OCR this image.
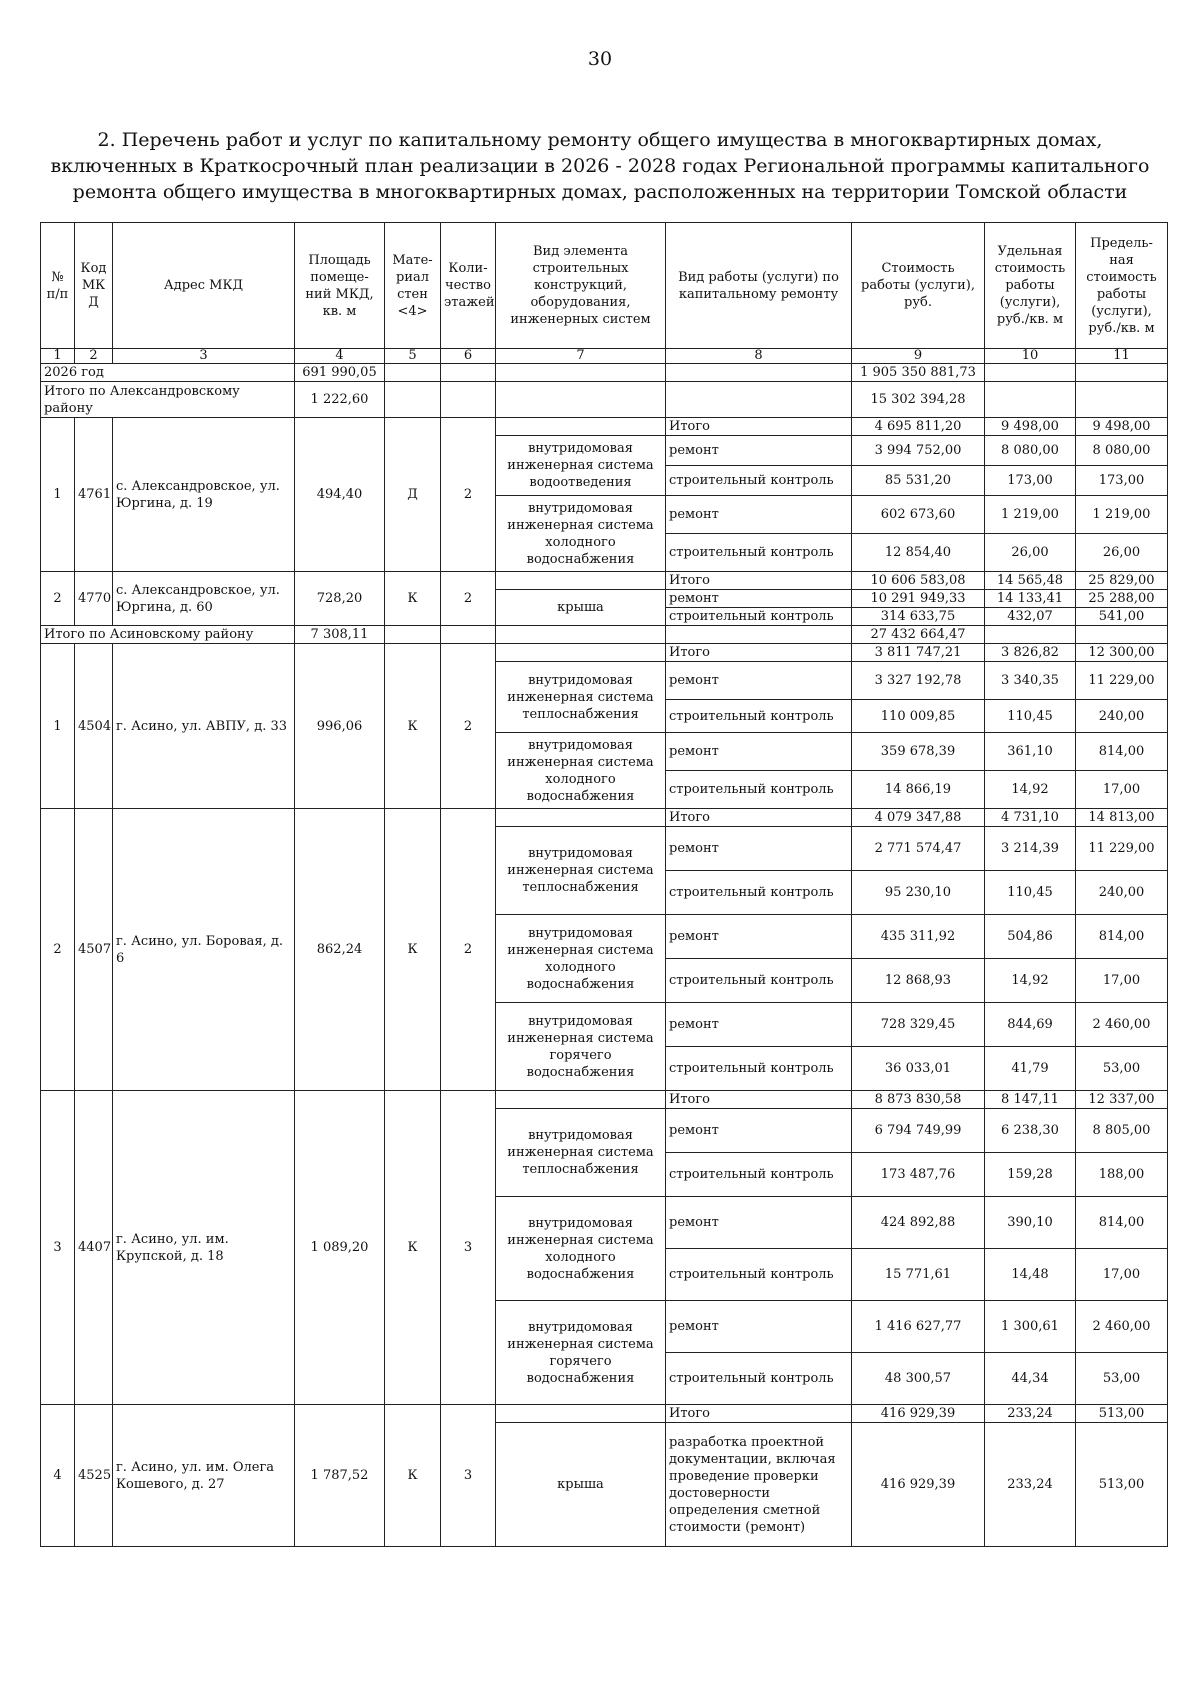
30
2. Перечень работ и услуг по капитальному ремонту общего имущества в многоквартирных домах, включенных в Краткосрочный план реализации в 2026 - 2028 годах Региональной программы капитального ремонта общего имущества в многоквартирных домах, расположенных на территории Томской области
№ п/п	Код МК Д	Адрес МКД	Площадь помеще-ний МКД, кв. м	Мате-риал стен <4>	Коли-чество этажей	Вид элемента строительных конструкций, оборудования, инженерных систем	Вид работы (услуги) по капитальному ремонту	Стоимость работы (услуги), руб.	Удельная стоимость работы (услуги), руб./кв. м	Предель-ная стоимость работы (услуги), руб./кв. м
1	2	3	4	5	6	7	8	9	10	11
2026 год			691 990,05					1 905 350 881,73		
Итого по Александровскому району			1 222,60					15 302 394,28		
1	4761	с. Александровское, ул. Юргина, д. 19	494,40	Д	2		Итого	4 695 811,20	9 498,00	9 498,00
						внутридомовая инженерная система водоотведения	ремонт	3 994 752,00	8 080,00	8 080,00
							строительный контроль	85 531,20	173,00	173,00
						внутридомовая инженерная система холодного водоснабжения	ремонт	602 673,60	1 219,00	1 219,00
							строительный контроль	12 854,40	26,00	26,00
2	4770	с. Александровское, ул. Юргина, д. 60	728,20	К	2		Итого	10 606 583,08	14 565,48	25 829,00
						крыша	ремонт	10 291 949,33	14 133,41	25 288,00
							строительный контроль	314 633,75	432,07	541,00
Итого по Асиновскому району			7 308,11					27 432 664,47		
1	4504	г. Асино, ул. АВПУ, д. 33	996,06	К	2		Итого	3 811 747,21	3 826,82	12 300,00
						внутридомовая инженерная система теплоснабжения	ремонт	3 327 192,78	3 340,35	11 229,00
							строительный контроль	110 009,85	110,45	240,00
						внутридомовая инженерная система холодного водоснабжения	ремонт	359 678,39	361,10	814,00
							строительный контроль	14 866,19	14,92	17,00
2	4507	г. Асино, ул. Боровая, д. 6	862,24	К	2		Итого	4 079 347,88	4 731,10	14 813,00
						внутридомовая инженерная система теплоснабжения	ремонт	2 771 574,47	3 214,39	11 229,00
							строительный контроль	95 230,10	110,45	240,00
						внутридомовая инженерная система холодного водоснабжения	ремонт	435 311,92	504,86	814,00
							строительный контроль	12 868,93	14,92	17,00
						внутридомовая инженерная система горячего водоснабжения	ремонт	728 329,45	844,69	2 460,00
							строительный контроль	36 033,01	41,79	53,00
3	4407	г. Асино, ул. им. Крупской, д. 18	1 089,20	К	3		Итого	8 873 830,58	8 147,11	12 337,00
						внутридомовая инженерная система теплоснабжения	ремонт	6 794 749,99	6 238,30	8 805,00
							строительный контроль	173 487,76	159,28	188,00
						внутридомовая инженерная система холодного водоснабжения	ремонт	424 892,88	390,10	814,00
							строительный контроль	15 771,61	14,48	17,00
						внутридомовая инженерная система горячего водоснабжения	ремонт	1 416 627,77	1 300,61	2 460,00
							строительный контроль	48 300,57	44,34	53,00
4	4525	г. Асино, ул. им. Олега Кошевого, д. 27	1 787,52	К	3		Итого	416 929,39	233,24	513,00
						крыша	разработка проектной документации, включая проведение проверки достоверности определения сметной стоимости (ремонт)	416 929,39	233,24	513,00
